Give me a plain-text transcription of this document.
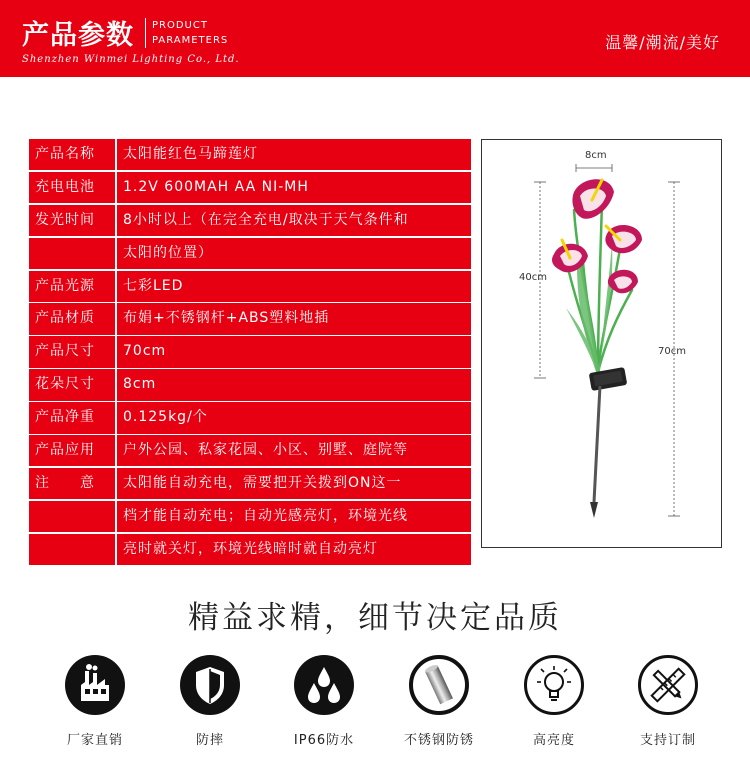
产品参数 PRODUCT
PARAMETERS
Shenzhen Winmei Lighting Co., Ltd.
温馨/潮流/美好
产品名称	太阳能红色马蹄莲灯
充电电池	1.2V 600MAH AA NI-MH
发光时间	8小时以上（在完全充电/取决于天气条件和
太阳的位置）
产品光源	七彩LED
产品材质	布娟+不锈钢杆+ABS塑料地插
产品尺寸	70cm
花朵尺寸	8cm
产品净重	0.125kg/个
产品应用	户外公园、私家花园、小区、别墅、庭院等
注　　意	太阳能自动充电，需要把开关拨到ON这一
档才能自动充电；自动光感亮灯，环境光线
亮时就关灯，环境光线暗时就自动亮灯
8cm
40cm
70cm
精益求精，细节决定品质
厂家直销	防摔	IP66防水	不锈钢防锈	高亮度	支持订制
